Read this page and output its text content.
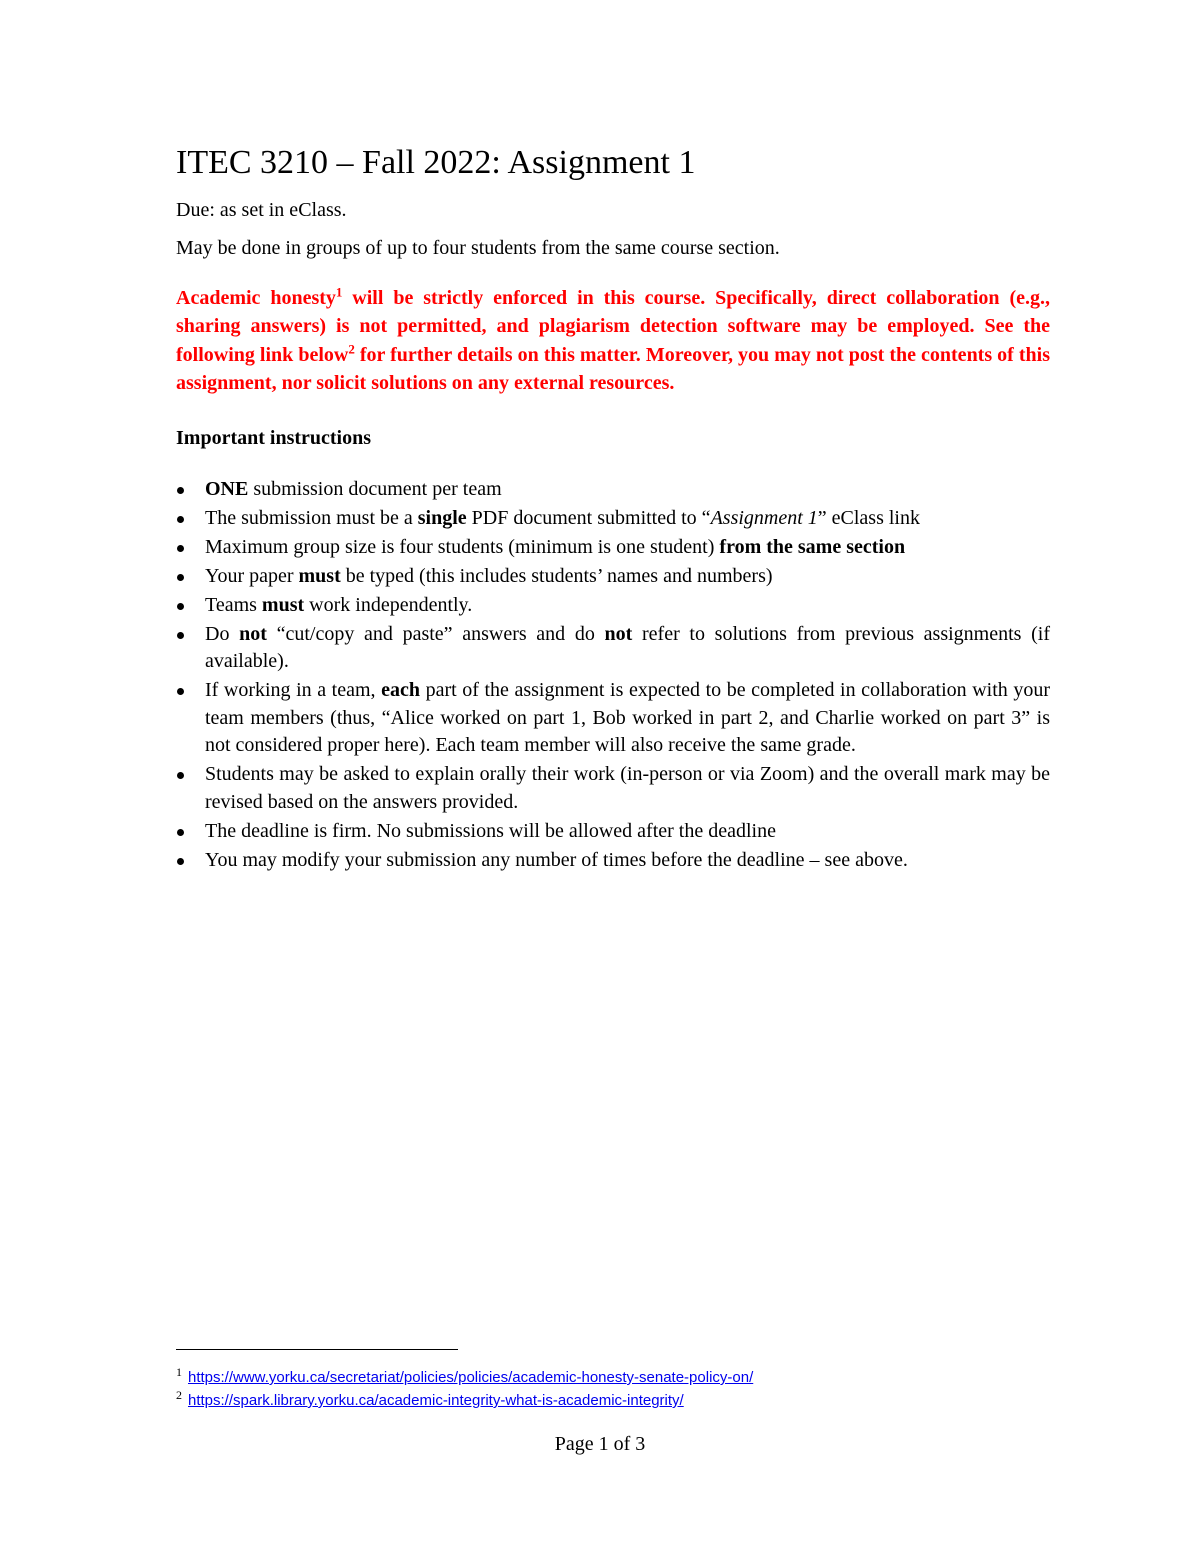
ITEC 3210 – Fall 2022: Assignment 1

Due: as set in eClass.

May be done in groups of up to four students from the same course section.

Academic honesty$^1$ will be strictly enforced in this course. Specifically, direct collaboration (e.g., sharing answers) is not permitted, and plagiarism detection software may be employed. See the following link below$^2$ for further details on this matter. Moreover, you may not post the contents of this assignment, nor solicit solutions on any external resources.

Important instructions
ONE submission document per team
The submission must be a single PDF document submitted to “Assignment 1” eClass link
Maximum group size is four students (minimum is one student) from the same section
Your paper must be typed (this includes students’ names and numbers)
Teams must work independently.
Do not “cut/copy and paste” answers and do not refer to solutions from previous assignments (if available).
If working in a team, each part of the assignment is expected to be completed in collaboration with your team members (thus, “Alice worked on part 1, Bob worked in part 2, and Charlie worked on part 3” is not considered proper here). Each team member will also receive the same grade.
Students may be asked to explain orally their work (in-person or via Zoom) and the overall mark may be revised based on the answers provided.
The deadline is firm. No submissions will be allowed after the deadline
You may modify your submission any number of times before the deadline – see above.
$^1$ https://www.yorku.ca/secretariat/policies/policies/academic-honesty-senate-policy-on/
$^2$ https://spark.library.yorku.ca/academic-integrity-what-is-academic-integrity/
Page 1 of 3
